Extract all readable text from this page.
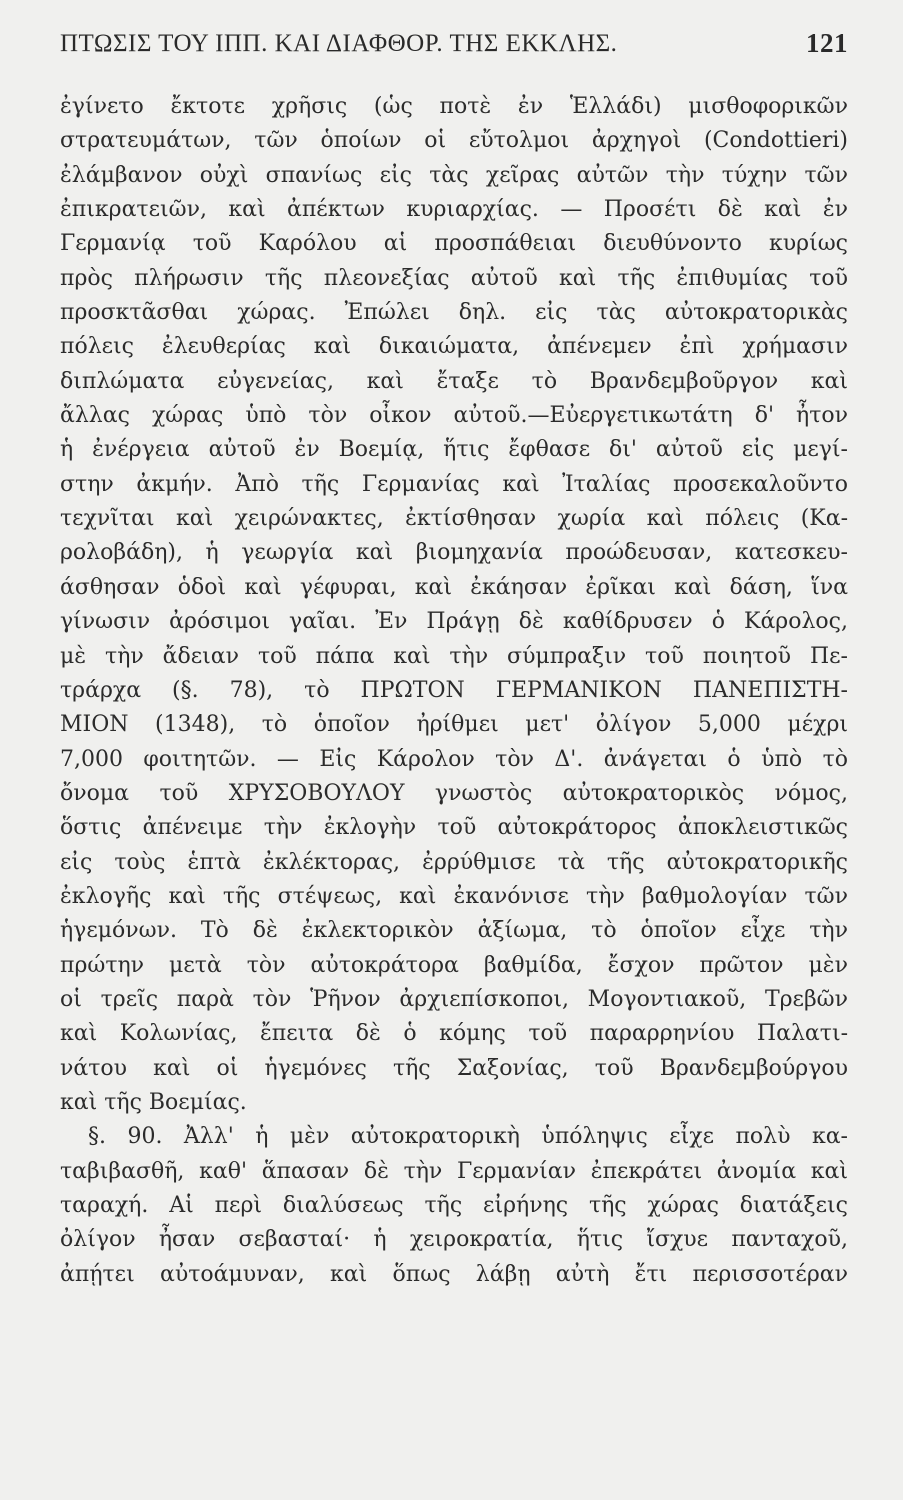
ΠΤΩΣΙΣ ΤΟΥ ΙΠΠ. ΚΑΙ ΔΙΑΦΘΟΡ. ΤΗΣ ΕΚΚΛΗΣ.	121
ἐγίνετο ἔκτοτε χρῆσις (ὡς ποτὲ ἐν Ἑλλάδι) μισθοφορικῶν
στρατευμάτων, τῶν ὁποίων οἱ εὔτολμοι ἀρχηγοὶ (Condottieri)
ἐλάμβανον οὐχὶ σπανίως εἰς τὰς χεῖρας αὐτῶν τὴν τύχην τῶν
ἐπικρατειῶν, καὶ ἀπέκτων κυριαρχίας. — Προσέτι δὲ καὶ ἐν
Γερμανίᾳ τοῦ Καρόλου αἱ προσπάθειαι διευθύνοντο κυρίως
πρὸς πλήρωσιν τῆς πλεονεξίας αὐτοῦ καὶ τῆς ἐπιθυμίας τοῦ
προσκτᾶσθαι χώρας. Ἐπώλει δηλ. εἰς τὰς αὐτοκρατορικὰς
πόλεις ἐλευθερίας καὶ δικαιώματα, ἀπένεμεν ἐπὶ χρήμασιν
διπλώματα εὐγενείας, καὶ ἔταξε τὸ Βρανδεμβοῦργον καὶ
ἄλλας χώρας ὑπὸ τὸν οἶκον αὐτοῦ.—Εὐεργετικωτάτη δ' ἦτον
ἡ ἐνέργεια αὐτοῦ ἐν Βοεμίᾳ, ἥτις ἔφθασε δι' αὐτοῦ εἰς μεγί-
στην ἀκμήν. Ἀπὸ τῆς Γερμανίας καὶ Ἰταλίας προσεκαλοῦντο
τεχνῖται καὶ χειρώνακτες, ἐκτίσθησαν χωρία καὶ πόλεις (Κα-
ρολοβάδη), ἡ γεωργία καὶ βιομηχανία προώδευσαν, κατεσκευ-
άσθησαν ὁδοὶ καὶ γέφυραι, καὶ ἐκάησαν ἐρῖκαι καὶ δάση, ἵνα
γίνωσιν ἀρόσιμοι γαῖαι. Ἐν Πράγῃ δὲ καθίδρυσεν ὁ Κάρολος,
μὲ τὴν ἄδειαν τοῦ πάπα καὶ τὴν σύμπραξιν τοῦ ποιητοῦ Πε-
τράρχα (§. 78), τὸ ΠΡΩΤΟΝ ΓΕΡΜΑΝΙΚΟΝ ΠΑΝΕΠΙΣΤΗ-
ΜΙΟΝ (1348), τὸ ὁποῖον ἠρίθμει μετ' ὀλίγον 5,000 μέχρι
7,000 φοιτητῶν. — Εἰς Κάρολον τὸν Δ'. ἀνάγεται ὁ ὑπὸ τὸ
ὄνομα τοῦ ΧΡΥΣΟΒΟΥΛΟΥ γνωστὸς αὐτοκρατορικὸς νόμος,
ὅστις ἀπένειμε τὴν ἐκλογὴν τοῦ αὐτοκράτορος ἀποκλειστικῶς
εἰς τοὺς ἑπτὰ ἐκλέκτορας, ἐρρύθμισε τὰ τῆς αὐτοκρατορικῆς
ἐκλογῆς καὶ τῆς στέψεως, καὶ ἐκανόνισε τὴν βαθμολογίαν τῶν
ἡγεμόνων. Τὸ δὲ ἐκλεκτορικὸν ἀξίωμα, τὸ ὁποῖον εἶχε τὴν
πρώτην μετὰ τὸν αὐτοκράτορα βαθμίδα, ἔσχον πρῶτον μὲν
οἱ τρεῖς παρὰ τὸν Ῥῆνον ἀρχιεπίσκοποι, Μογοντιακοῦ, Τρεβῶν
καὶ Κολωνίας, ἔπειτα δὲ ὁ κόμης τοῦ παραρρηνίου Παλατι-
νάτου καὶ οἱ ἡγεμόνες τῆς Σαξονίας, τοῦ Βρανδεμβούργου
καὶ τῆς Βοεμίας.
§. 90. Ἀλλ' ἡ μὲν αὐτοκρατορικὴ ὑπόληψις εἶχε πολὺ κα-
ταβιβασθῆ, καθ' ἅπασαν δὲ τὴν Γερμανίαν ἐπεκράτει ἀνομία καὶ
ταραχή. Αἱ περὶ διαλύσεως τῆς εἰρήνης τῆς χώρας διατάξεις
ὀλίγον ἦσαν σεβασταί· ἡ χειροκρατία, ἥτις ἴσχυε πανταχοῦ,
ἀπῄτει αὐτοάμυναν, καὶ ὅπως λάβῃ αὐτὴ ἔτι περισσοτέραν
